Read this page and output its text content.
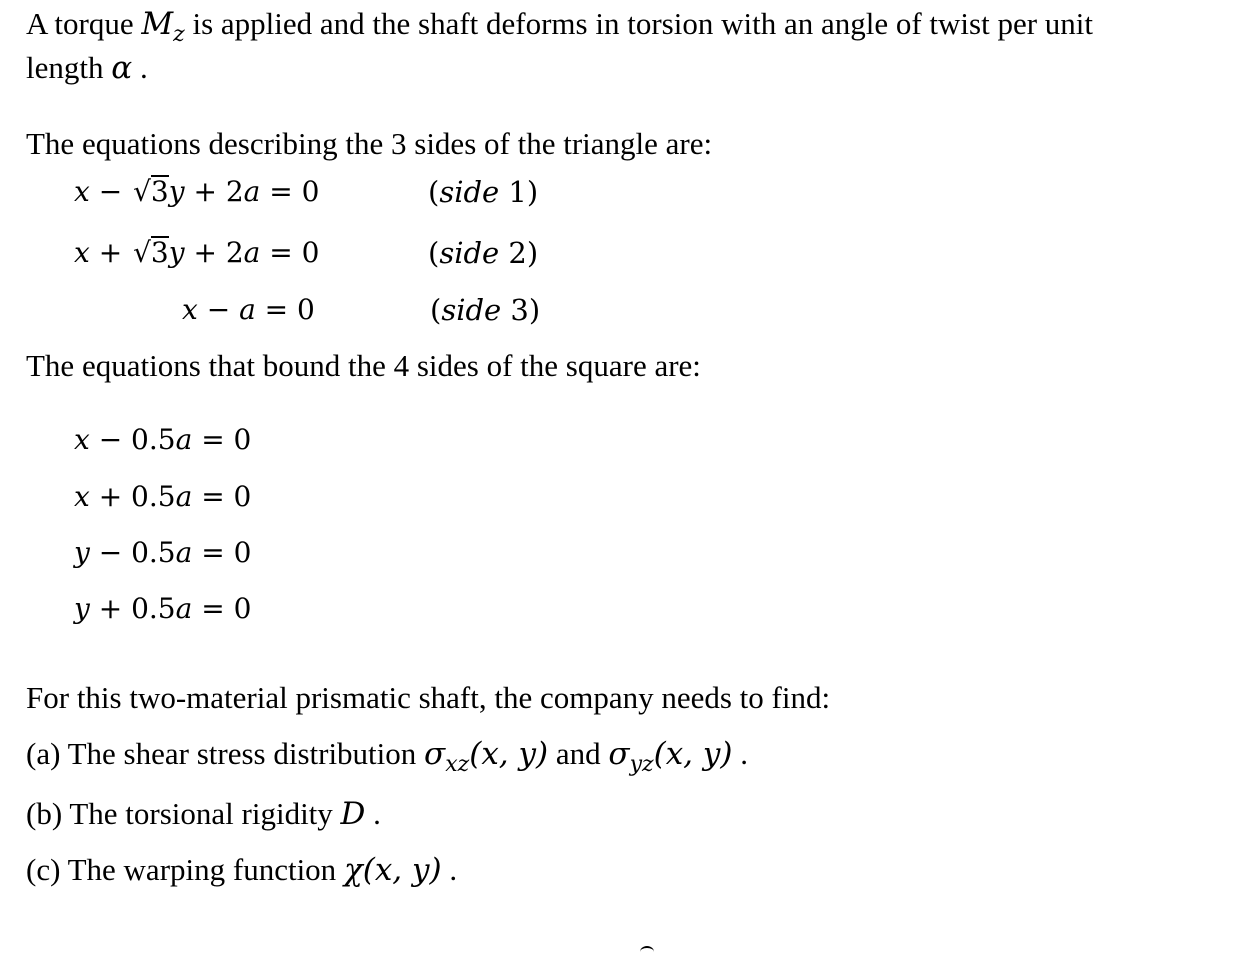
A torque $M_z$ is applied and the shaft deforms in torsion with an angle of twist per unit
length α .
The equations describing the 3 sides of the triangle are:
x − √3y + 2a = 0	(side 1)
x + √3y + 2a = 0	(side 2)
x − a = 0	(side 3)
The equations that bound the 4 sides of the square are:
x − 0.5a = 0
x + 0.5a = 0
y − 0.5a = 0
y + 0.5a = 0
For this two-material prismatic shaft, the company needs to find:
(a) The shear stress distribution $\sigma_{xz}(x$, y) and $\sigma_{yz}(x$, y) .
(b) The torsional rigidity D .
(c) The warping function χ(x, y) .
